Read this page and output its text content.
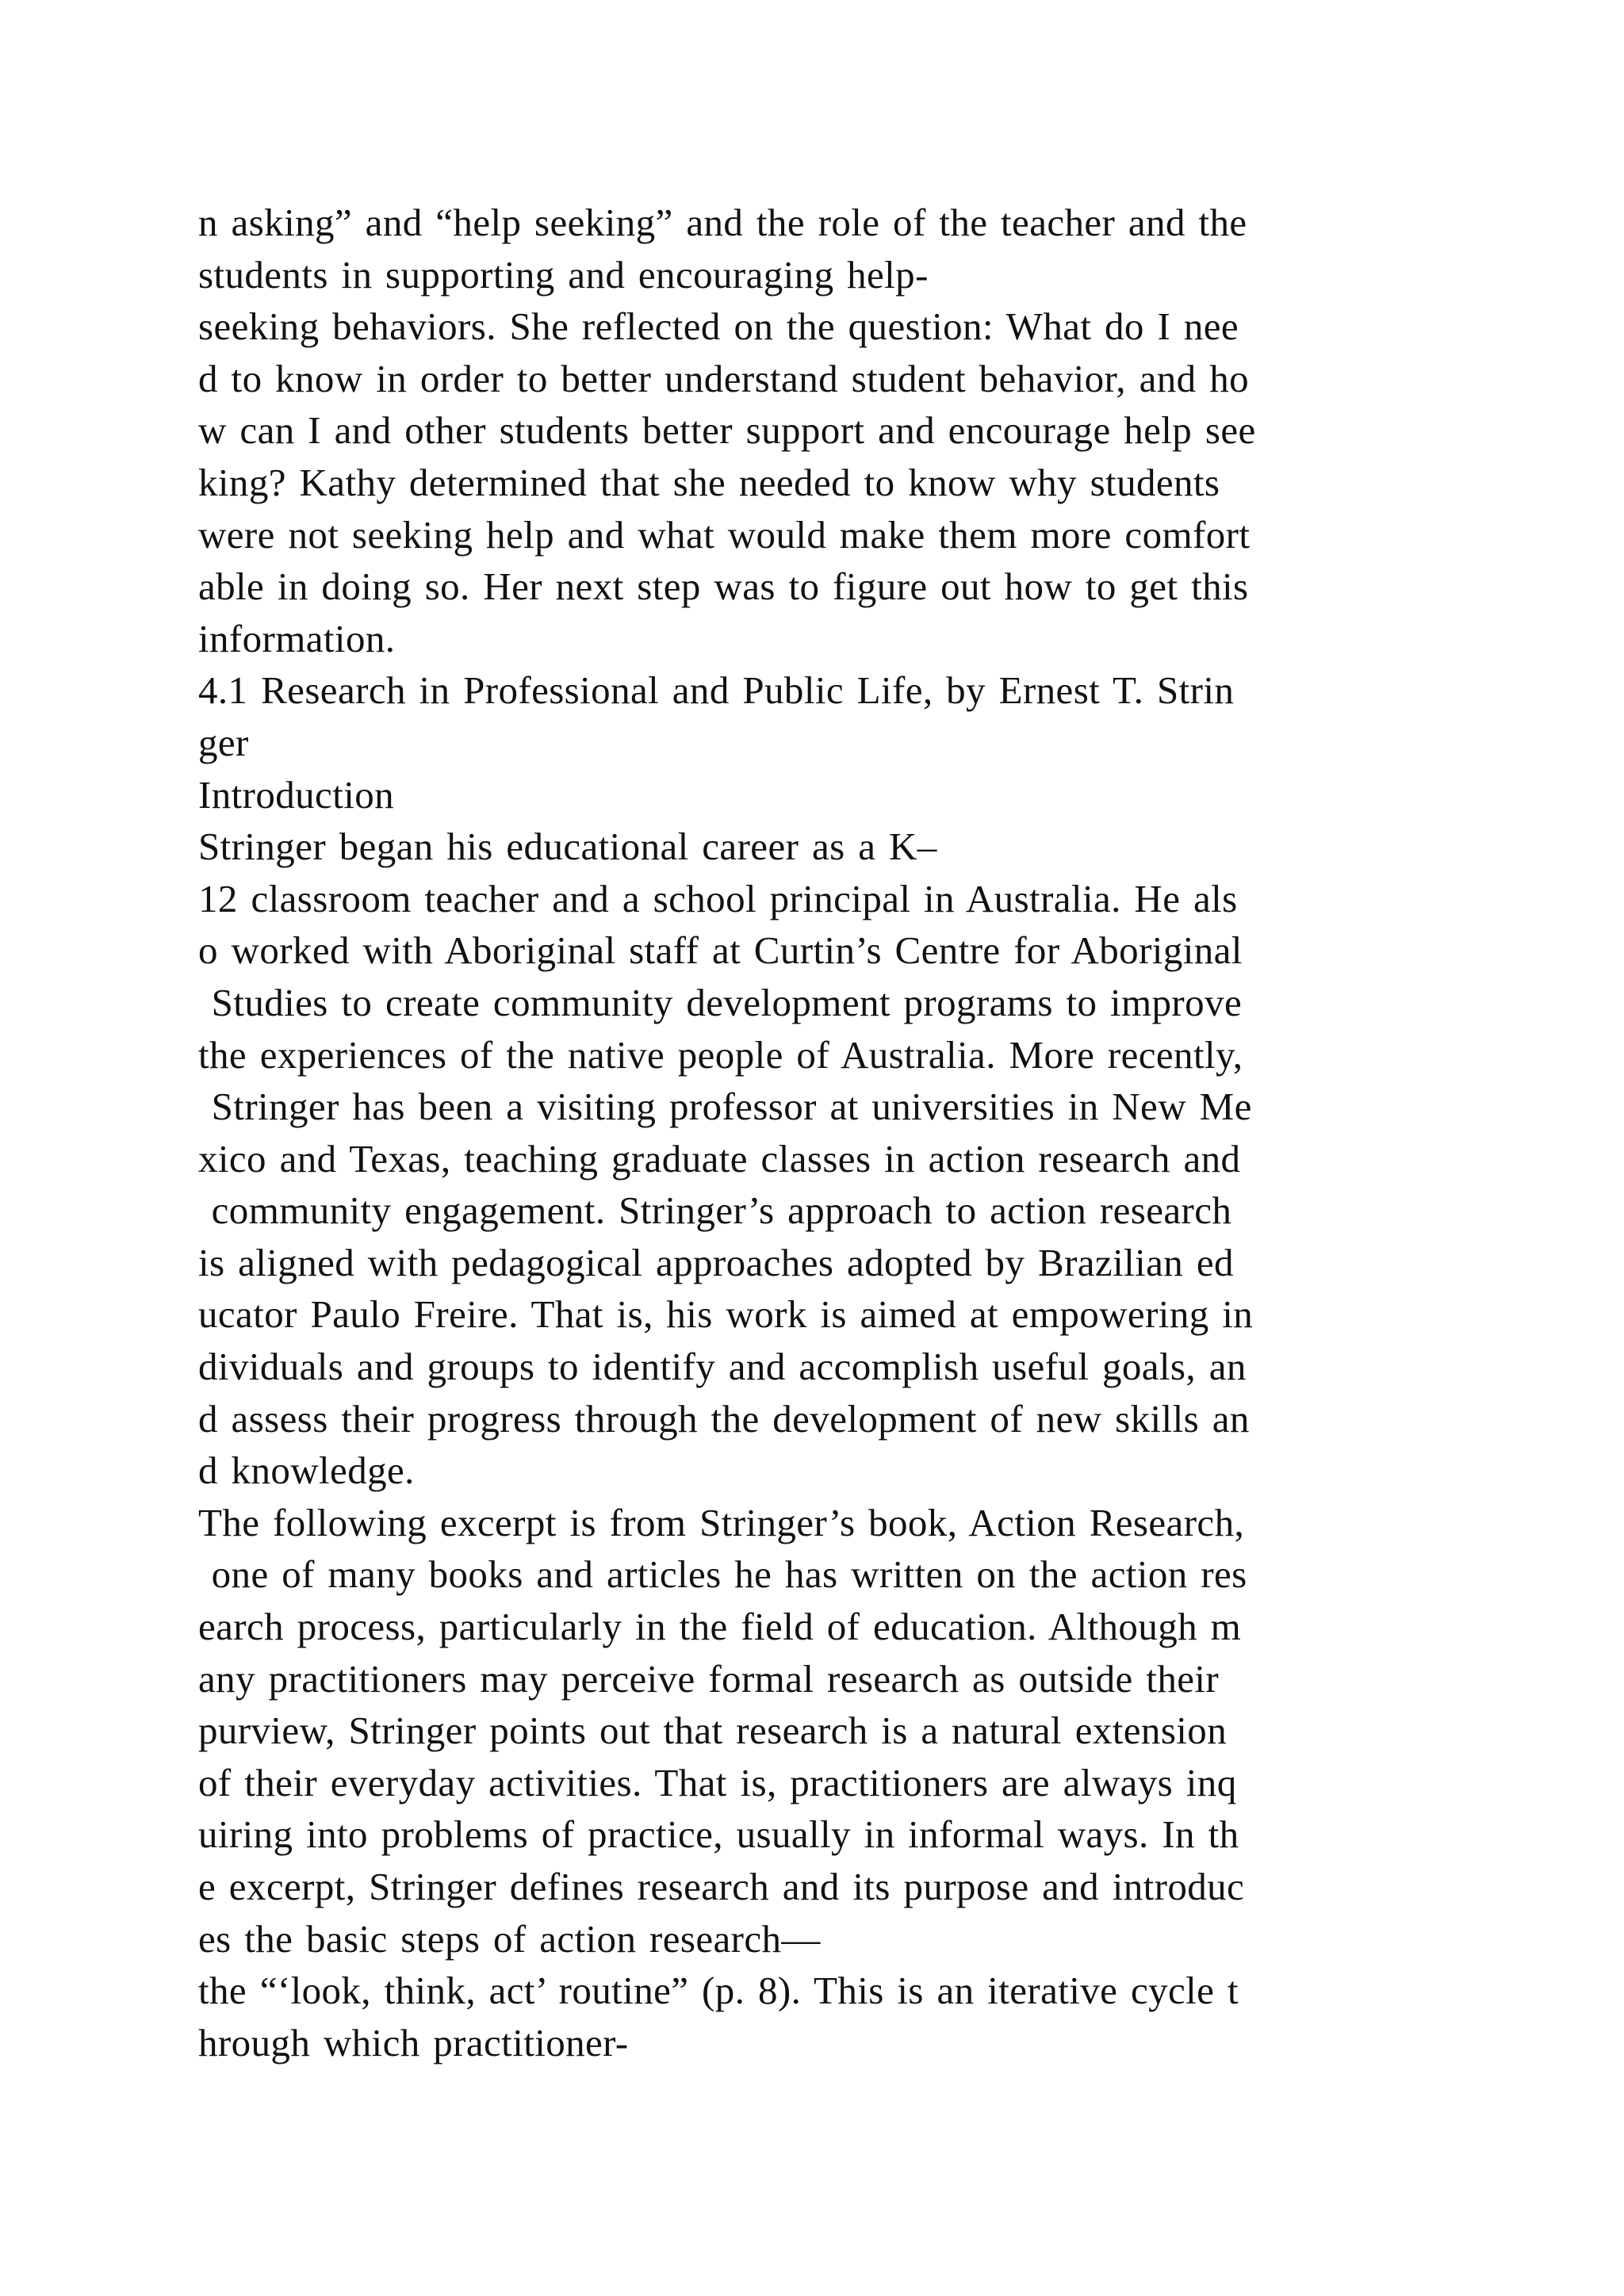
n asking” and “help seeking” and the role of the teacher and the
students in supporting and encouraging help-
seeking behaviors. She reflected on the question: What do I nee
d to know in order to better understand student behavior, and ho
w can I and other students better support and encourage help see
king? Kathy determined that she needed to know why students
were not seeking help and what would make them more comfort
able in doing so. Her next step was to figure out how to get this
information.
4.1 Research in Professional and Public Life, by Ernest T. Strin
ger
Introduction
Stringer began his educational career as a K–
12 classroom teacher and a school principal in Australia. He als
o worked with Aboriginal staff at Curtin’s Centre for Aboriginal
Studies to create community development programs to improve
the experiences of the native people of Australia. More recently,
Stringer has been a visiting professor at universities in New Me
xico and Texas, teaching graduate classes in action research and
community engagement. Stringer’s approach to action research
is aligned with pedagogical approaches adopted by Brazilian ed
ucator Paulo Freire. That is, his work is aimed at empowering in
dividuals and groups to identify and accomplish useful goals, an
d assess their progress through the development of new skills an
d knowledge.
The following excerpt is from Stringer’s book, Action Research,
one of many books and articles he has written on the action res
earch process, particularly in the field of education. Although m
any practitioners may perceive formal research as outside their
purview, Stringer points out that research is a natural extension
of their everyday activities. That is, practitioners are always inq
uiring into problems of practice, usually in informal ways. In th
e excerpt, Stringer defines research and its purpose and introduc
es the basic steps of action research—
the “‘look, think, act’ routine” (p. 8). This is an iterative cycle t
hrough which practitioner-
